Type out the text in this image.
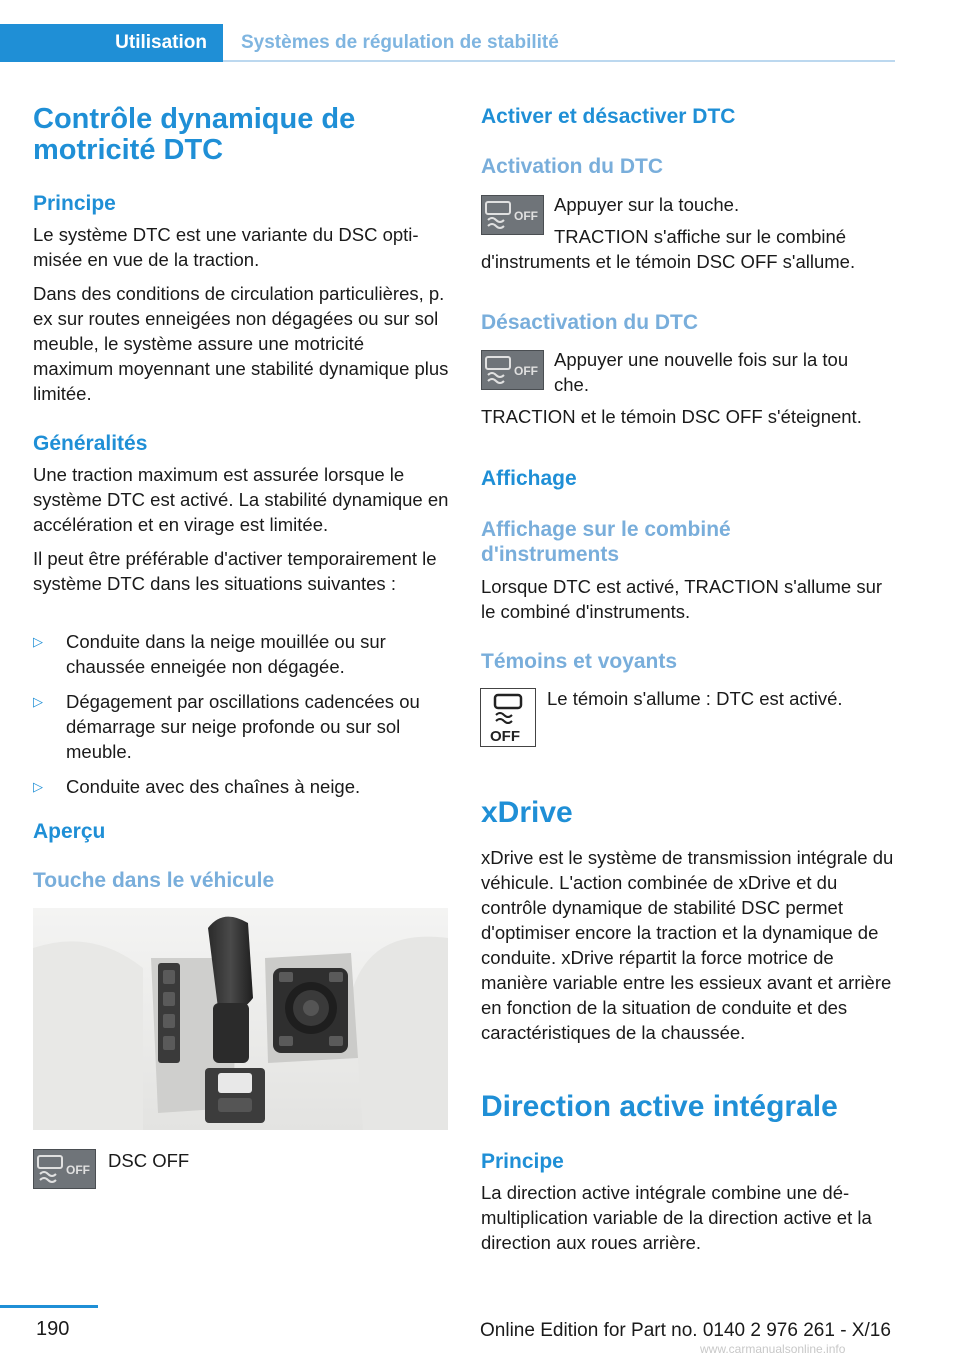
Utilisation	Systèmes de régulation de stabilité
Contrôle dynamique de
motricité DTC
Principe
Le système DTC est une variante du DSC optimisée en vue de la traction.
Dans des conditions de circulation particulières, p. ex sur routes enneigées non dégagées ou sur sol meuble, le système assure une motricité maximum moyennant une stabilité dynamique plus limitée.
Généralités
Une traction maximum est assurée lorsque le système DTC est activé. La stabilité dynamique en accélération et en virage est limitée.
Il peut être préférable d'activer temporairement le système DTC dans les situations suivantes :
▷ Conduite dans la neige mouillée ou sur chaussée enneigée non dégagée.
▷ Dégagement par oscillations cadencées ou démarrage sur neige profonde ou sur sol meuble.
▷ Conduite avec des chaînes à neige.
Aperçu
Touche dans le véhicule
DSC OFF
OFF
Activer et désactiver DTC
Activation du DTC
Appuyer sur la touche.
TRACTION s'affiche sur le combiné
d'instruments et le témoin DSC OFF s'allume.
Désactivation du DTC
Appuyer une nouvelle fois sur la tou
che.
TRACTION et le témoin DSC OFF s'éteignent.
Affichage
Affichage sur le combiné d'instruments
Lorsque DTC est activé, TRACTION s'allume sur le combiné d'instruments.
Témoins et voyants
Le témoin s'allume : DTC est activé.
xDrive
xDrive est le système de transmission intégrale du véhicule. L'action combinée de xDrive et du contrôle dynamique de stabilité DSC permet d'optimiser encore la traction et la dynamique de conduite. xDrive répartit la force motrice de manière variable entre les essieux avant et arrière en fonction de la situation de conduite et des caractéristiques de la chaussée.
Direction active intégrale
Principe
La direction active intégrale combine une démultiplication variable de la direction active et la direction aux roues arrière.
OFF
OFF
OFF
190	Online Edition for Part no. 0140 2 976 261 - X/16
www.carmanualsonline.info
